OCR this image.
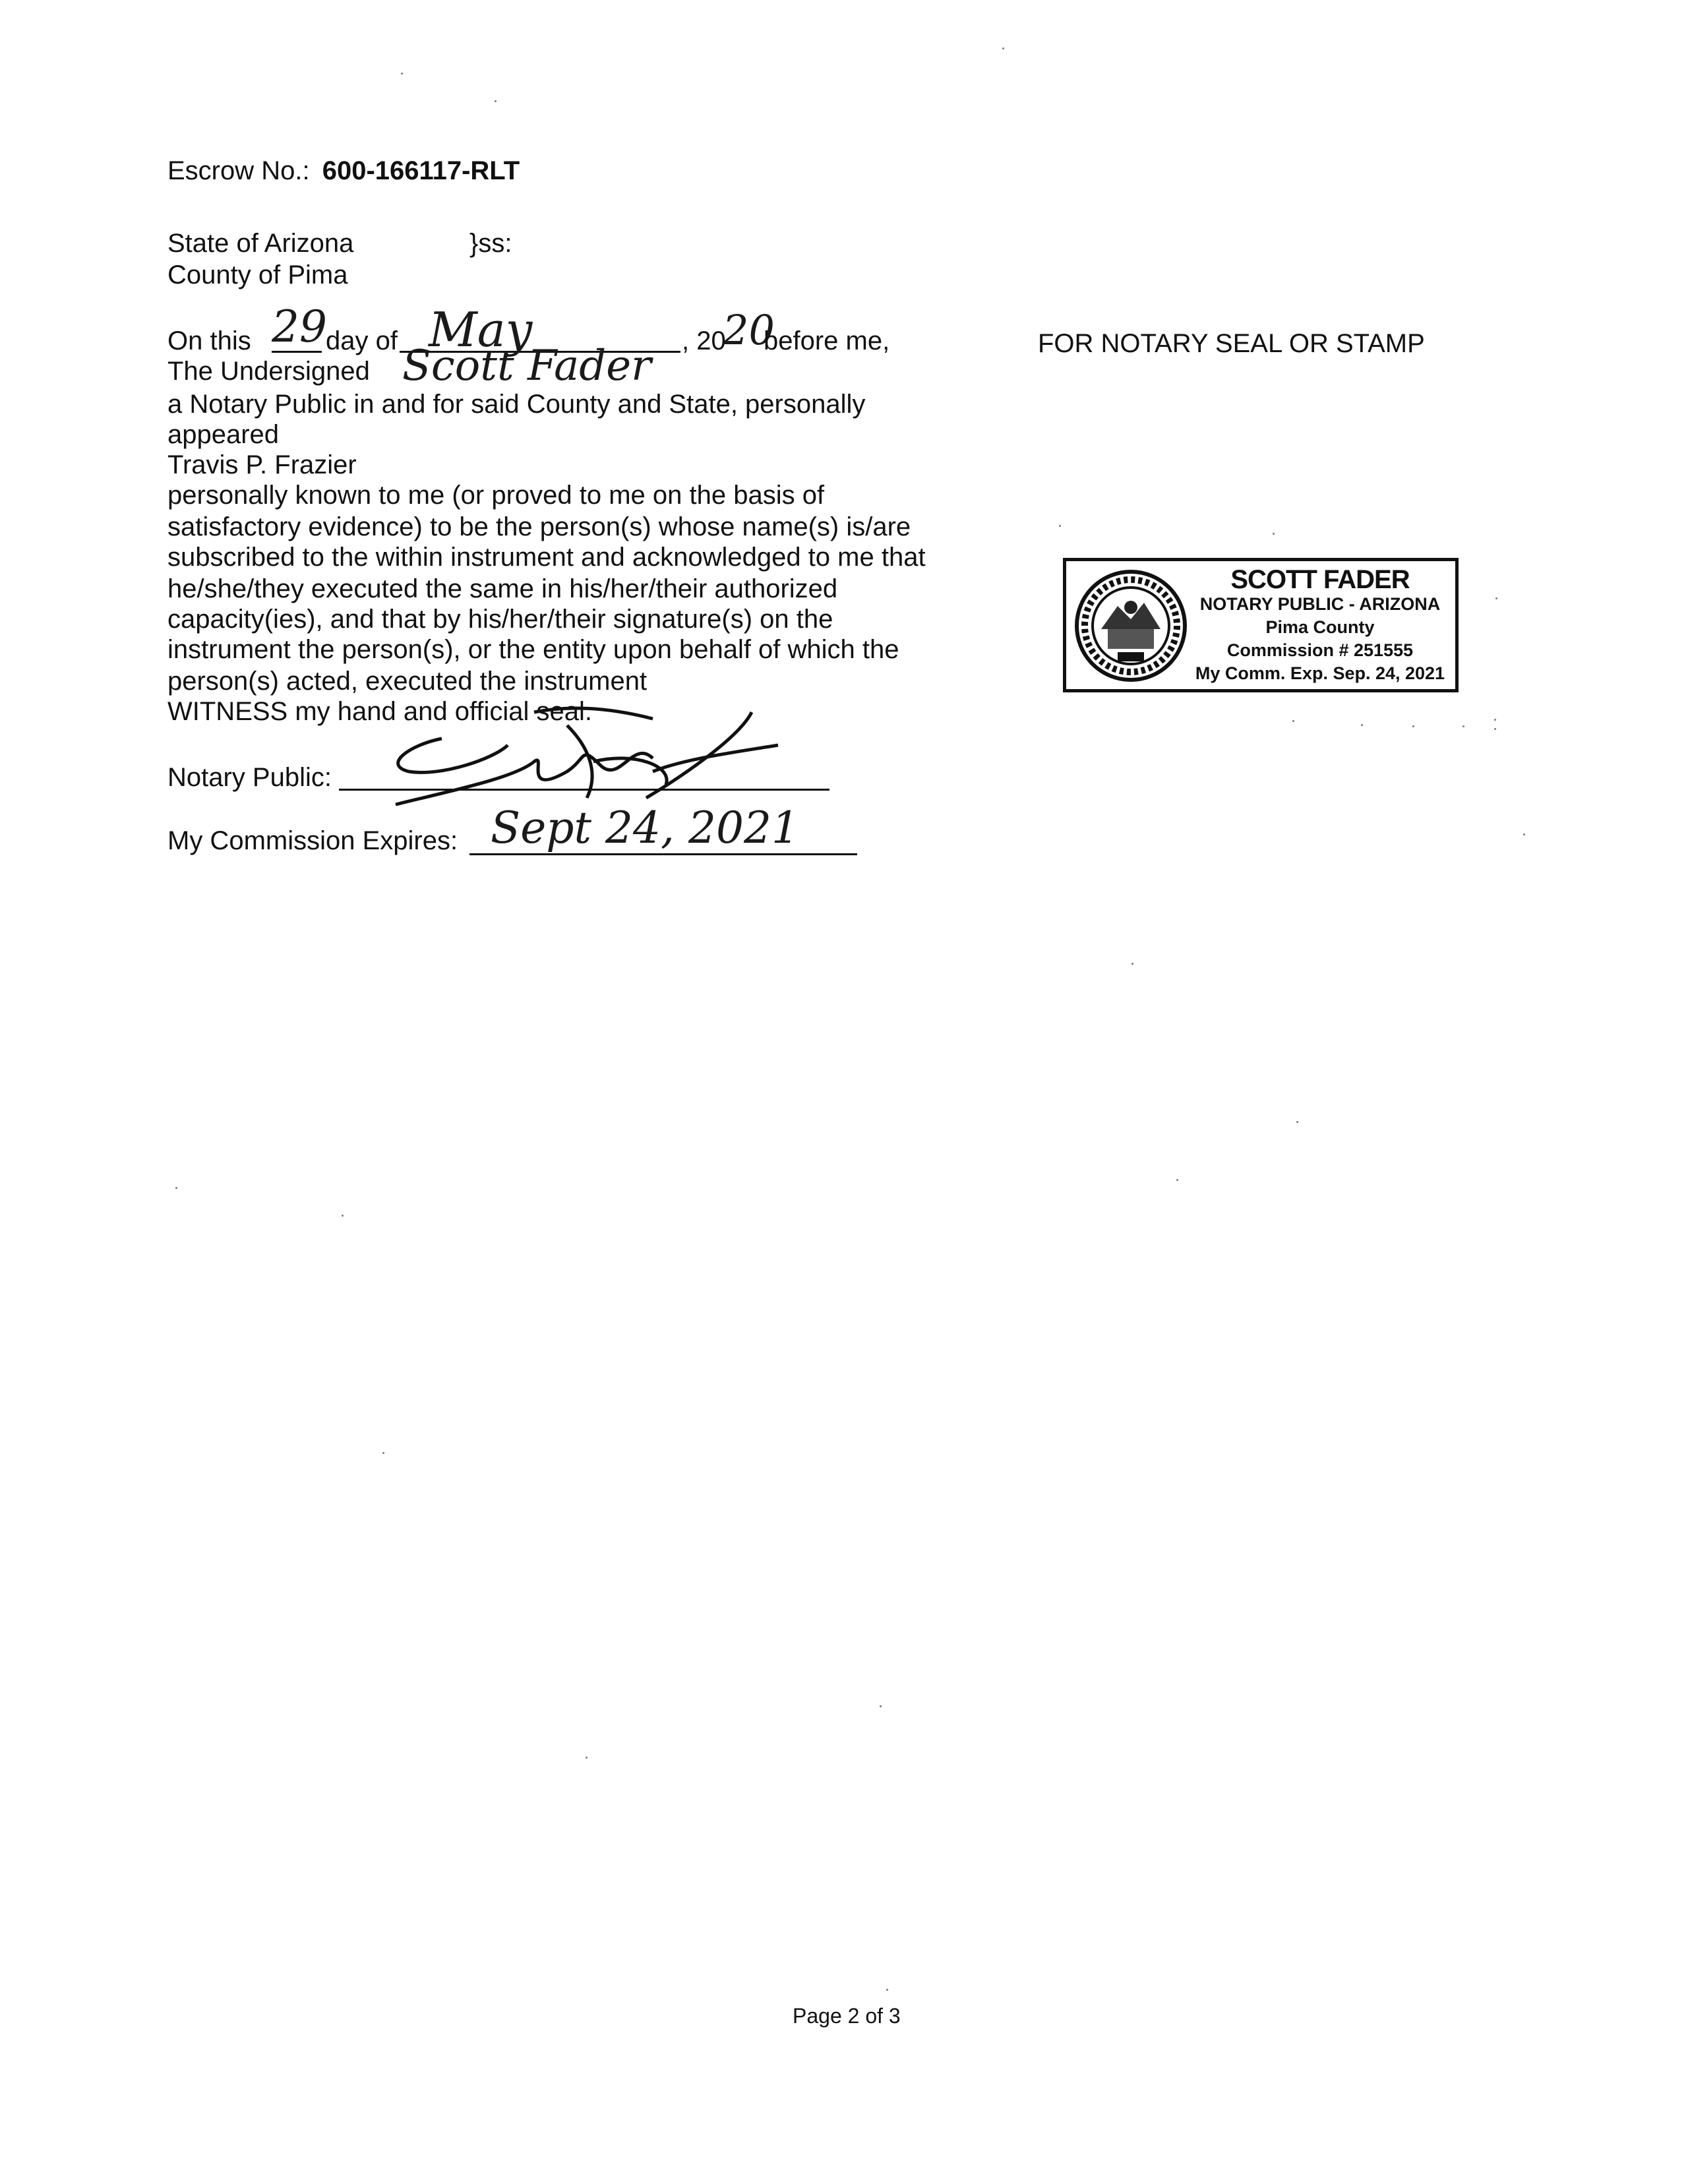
Escrow No.: 600-166117-RLT
State of Arizona	}ss:
County of Pima
On this 29
day of May	, 20
20
before me,
The Undersigned Scott Fader
a Notary Public in and for said County and State, personally
appeared
Travis P. Frazier
personally known to me (or proved to me on the basis of
satisfactory evidence) to be the person(s) whose name(s) is/are
subscribed to the within instrument and acknowledged to me that
he/she/they executed the same in his/her/their authorized
capacity(ies), and that by his/her/their signature(s) on the
instrument the person(s), or the entity upon behalf of which the
person(s) acted, executed the instrument
WITNESS my hand and official seal.
Notary Public:
My Commission Expires: Sept 24, 2021
FOR NOTARY SEAL OR STAMP
SCOTT FADER
NOTARY PUBLIC - ARIZONA
Pima County
Commission # 251555
My Comm. Exp. Sep. 24, 2021
Page 2 of 3
